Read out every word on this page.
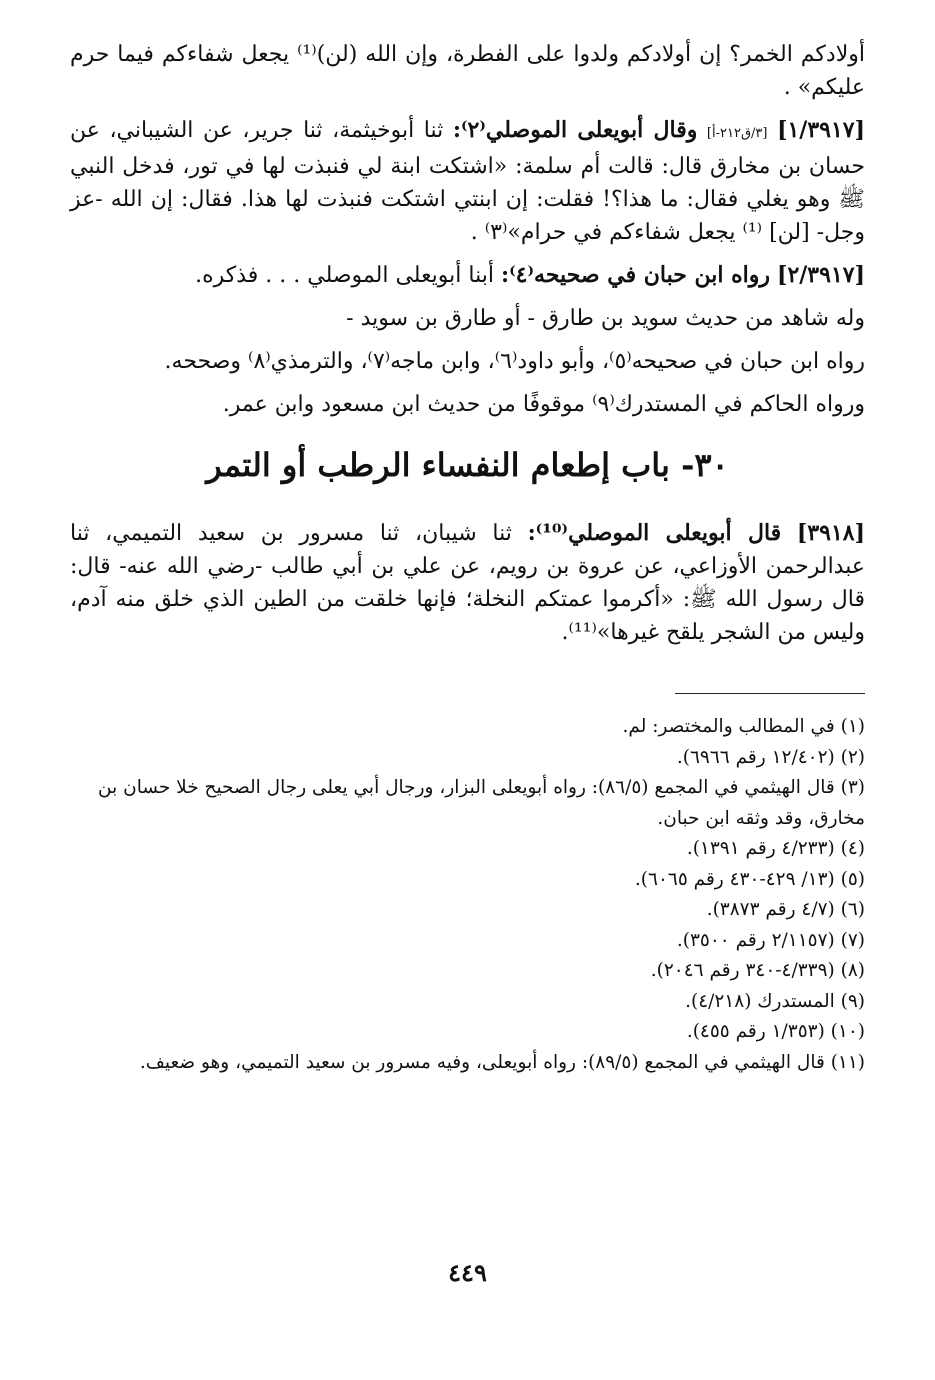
أولادكم الخمر؟ إن أولادكم ولدوا على الفطرة، وإن الله (لن)⁽¹⁾ يجعل شفاءكم فيما حرم عليكم» .

[١/٣٩١٧] [٣/ق٢١٢-أ] وقال أبويعلى الموصلي⁽٢⁾: ثنا أبوخيثمة، ثنا جرير، عن الشيباني، عن حسان بن مخارق قال: قالت أم سلمة: «اشتكت ابنة لي فنبذت لها في تور، فدخل النبي ﷺ وهو يغلي فقال: ما هذا؟! فقلت: إن ابنتي اشتكت فنبذت لها هذا. فقال: إن الله -عز وجل- [لن] ⁽¹⁾ يجعل شفاءكم في حرام»⁽٣⁾ .

[٢/٣٩١٧] رواه ابن حبان في صحيحه⁽٤⁾: أبنا أبويعلى الموصلي . . . فذكره.

وله شاهد من حديث سويد بن طارق - أو طارق بن سويد -

رواه ابن حبان في صحيحه⁽٥⁾، وأبو داود⁽٦⁾، وابن ماجه⁽٧⁾، والترمذي⁽٨⁾ وصححه.

ورواه الحاكم في المستدرك⁽٩⁾ موقوفًا من حديث ابن مسعود وابن عمر.

٣٠- باب إطعام النفساء الرطب أو التمر

[٣٩١٨] قال أبويعلى الموصلي⁽¹⁰⁾: ثنا شيبان، ثنا مسرور بن سعيد التميمي، ثنا عبدالرحمن الأوزاعي، عن عروة بن رويم، عن علي بن أبي طالب -رضي الله عنه- قال: قال رسول الله ﷺ: «أكرموا عمتكم النخلة؛ فإنها خلقت من الطين الذي خلق منه آدم، وليس من الشجر يلقح غيرها»⁽¹¹⁾.

(١) في المطالب والمختصر: لم.

(٢) (١٢/٤٠٢ رقم ٦٩٦٦).

(٣) قال الهيثمي في المجمع (٨٦/٥): رواه أبويعلى البزار، ورجال أبي يعلى رجال الصحيح خلا حسان بن مخارق، وقد وثقه ابن حبان.

(٤) (٤/٢٣٣ رقم ١٣٩١).

(٥) (١٣/ ٤٢٩-٤٣٠ رقم ٦٠٦٥).

(٦) (٤/٧ رقم ٣٨٧٣).

(٧) (٢/١١٥٧ رقم ٣٥٠٠).

(٨) (٤/٣٣٩-٣٤٠ رقم ٢٠٤٦).

(٩) المستدرك (٤/٢١٨).

(١٠) (١/٣٥٣ رقم ٤٥٥).

(١١) قال الهيثمي في المجمع (٨٩/٥): رواه أبويعلى، وفيه مسرور بن سعيد التميمي، وهو ضعيف.

٤٤٩
